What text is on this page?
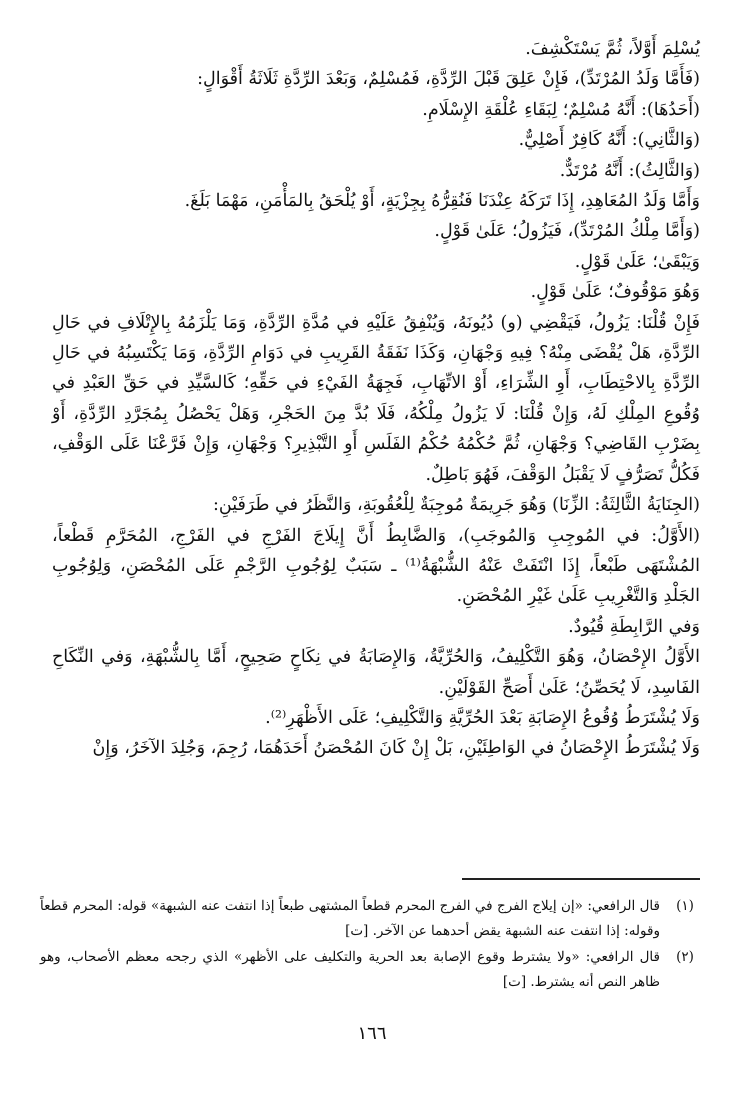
يُسْلِمَ أَوَّلاً، ثُمَّ يَسْتَكْشِفَ.

(فَأَمَّا وَلَدُ المُرْتَدِّ)، فَإِنْ عَلِقَ قَبْلَ الرِّدَّةِ، فَمُسْلِمٌ، وَبَعْدَ الرِّدَّةِ ثَلَاثَةُ أَقْوَالٍ:

(أَحَدُهَا): أَنَّهُ مُسْلِمٌ؛ لِبَقَاءِ عُلْقَةِ الإِسْلَامِ.

(وَالثَّانِي): أَنَّهُ كَافِرٌ أَصْلِيٌّ.

(وَالثَّالِثُ): أَنَّهُ مُرْتَدٌّ.

وَأَمَّا وَلَدُ المُعَاهِدِ، إِذَا تَرَكَهُ عِنْدَنَا فَنُقِرُّهُ بِجِزْيَةٍ، أَوْ يُلْحَقُ بِالمَأْمَنِ، مَهْمَا بَلَغَ.

(وَأَمَّا مِلْكُ المُرْتَدِّ)، فَيَزُولُ؛ عَلَىٰ قَوْلٍ.

وَيَبْقَىٰ؛ عَلَىٰ قَوْلٍ.

وَهُوَ مَوْقُوفٌ؛ عَلَىٰ قَوْلٍ.

فَإِنْ قُلْنَا: يَزُولُ، فَيَقْضِي (و) دُيُونَهُ، وَيُنْفِقُ عَلَيْهِ في مُدَّةِ الرِّدَّةِ، وَمَا يَلْزَمُهُ بِالإِتْلَافِ في حَالِ الرِّدَّةِ، هَلْ يُقْضَى مِنْهُ؟ فِيهِ وَجْهَانِ، وَكَذَا نَفَقَةُ القَرِيبِ في دَوَامِ الرِّدَّةِ، وَمَا يَكْتَسِبُهُ في حَالِ الرِّدَّةِ بِالاحْتِطَابِ، أَوِ الشِّرَاءِ، أَوْ الاتِّهَابِ، فَجِهَةُ الفَيْءِ في حَقِّهِ؛ كَالسَّيِّدِ في حَقِّ العَبْدِ في وُقُوعِ المِلْكِ لَهُ، وَإِنْ قُلْنَا: لَا يَزُولُ مِلْكُهُ، فَلَا بُدَّ مِنَ الحَجْرِ، وَهَلْ يَحْصُلُ بِمُجَرَّدِ الرِّدَّةِ، أَوْ بِضَرْبِ القَاضِي؟ وَجْهَانِ، ثُمَّ حُكْمُهُ حُكْمُ الفَلَسِ أَوِ التَّبْذِيرِ؟ وَجْهَانِ، وَإِنْ فَرَّعْنَا عَلَى الوَقْفِ، فَكُلُّ تَصَرُّفٍ لَا يَقْبَلُ الوَقْفَ، فَهُوَ بَاطِلٌ.

(الجِنَايَةُ الثَّالِثَةُ: الزِّنَا) وَهُوَ جَرِيمَةٌ مُوجِبَةٌ لِلْعُقُوبَةِ، وَالنَّظَرُ في طَرَفَيْنِ:

(الأَوَّلُ: في المُوجِبِ وَالمُوجَبِ)، وَالضَّابِطُ أَنَّ إِيلَاجَ الفَرْجِ في الفَرْجِ، المُحَرَّمِ قَطْعاً، المُشْتَهَى طَبْعاً، إِذَا انْتَفَتْ عَنْهُ الشُّبْهَةُ⁽¹⁾ ـ سَبَبٌ لِوُجُوبِ الرَّجْمِ عَلَى المُحْصَنِ، وَلِوُجُوبِ الجَلْدِ وَالتَّغْرِيبِ عَلَىٰ غَيْرِ المُحْصَنِ.

وَفي الرَّابِطَةِ قُيُودٌ.

الأَوَّلُ الإِحْصَانُ، وَهُوَ التَّكْلِيفُ، وَالحُرِّيَّةُ، وَالإِصَابَةُ في نِكَاحٍ صَحِيحٍ، أَمَّا بِالشُّبْهَةِ، وَفي النِّكَاحِ الفَاسِدِ، لَا يُحَصِّنُ؛ عَلَىٰ أَصَحِّ القَوْلَيْنِ.

وَلَا يُشْتَرَطُ وُقُوعُ الإِصَابَةِ بَعْدَ الحُرِّيَّةِ وَالتَّكْلِيفِ؛ عَلَى الأَظْهَرِ⁽²⁾.

وَلَا يُشْتَرَطُ الإِحْصَانُ في الوَاطِئَيْنِ، بَلْ إِنْ كَانَ المُحْصَنُ أَحَدَهُمَا، رُجِمَ، وَجُلِدَ الآخَرُ، وَإِنْ

(١)
قال الرافعي: «إن إيلاج الفرج في الفرج المحرم قطعاً المشتهى طبعاً إذا انتفت عنه الشبهة» قوله: المحرم قطعاً وقوله: إذا انتفت عنه الشبهة يقض أحدهما عن الآخر. [ت]
(٢)
قال الرافعي: «ولا يشترط وقوع الإصابة بعد الحرية والتكليف على الأظهر» الذي رجحه معظم الأصحاب، وهو ظاهر النص أنه يشترط. [ت]
١٦٦
